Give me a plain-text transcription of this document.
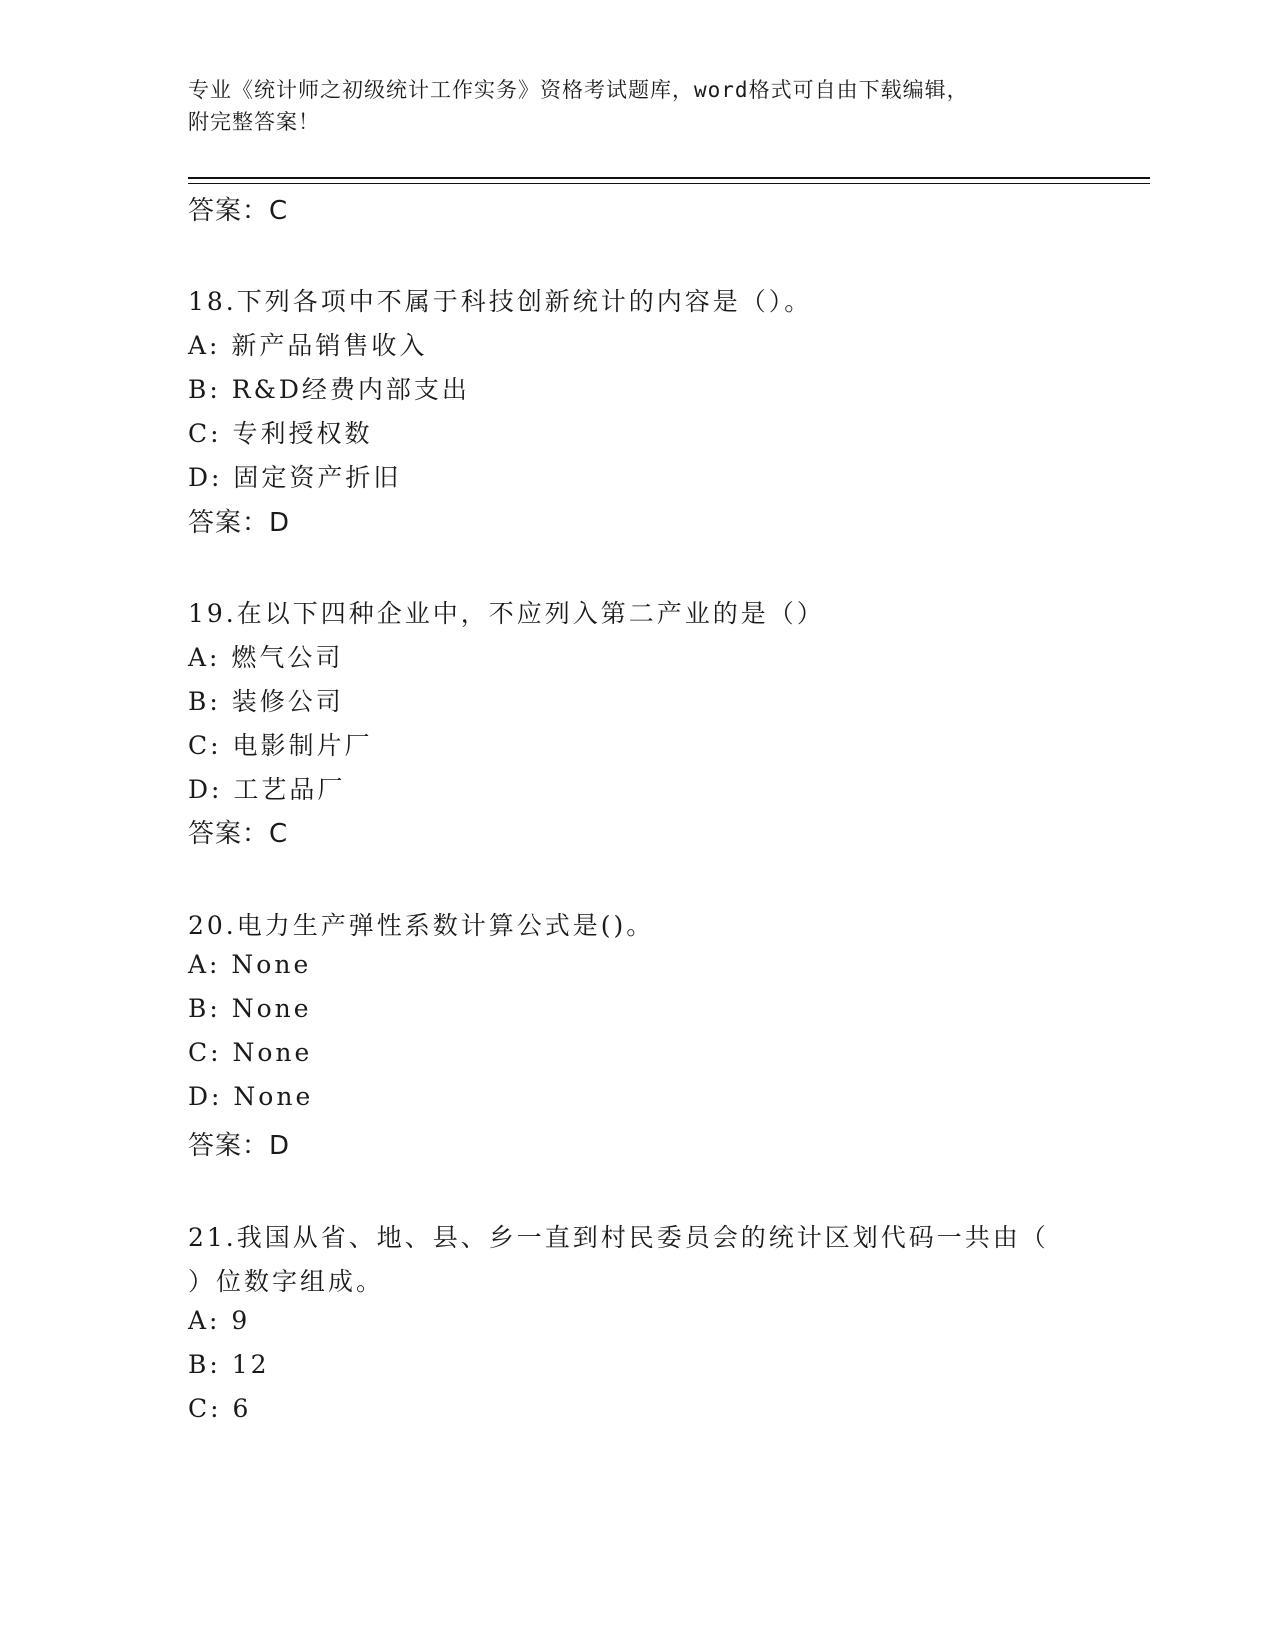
专业《统计师之初级统计工作实务》资格考试题库，word格式可自由下载编辑，
附完整答案！
答案：C
18.下列各项中不属于科技创新统计的内容是（）。
A: 新产品销售收入
B: R&D经费内部支出
C: 专利授权数
D: 固定资产折旧
答案：D
19.在以下四种企业中，不应列入第二产业的是（）
A: 燃气公司
B: 装修公司
C: 电影制片厂
D: 工艺品厂
答案：C
20.电力生产弹性系数计算公式是()。
A: None
B: None
C: None
D: None
答案：D
21.我国从省、地、县、乡一直到村民委员会的统计区划代码一共由（
）位数字组成。
A: 9
B: 12
C: 6
